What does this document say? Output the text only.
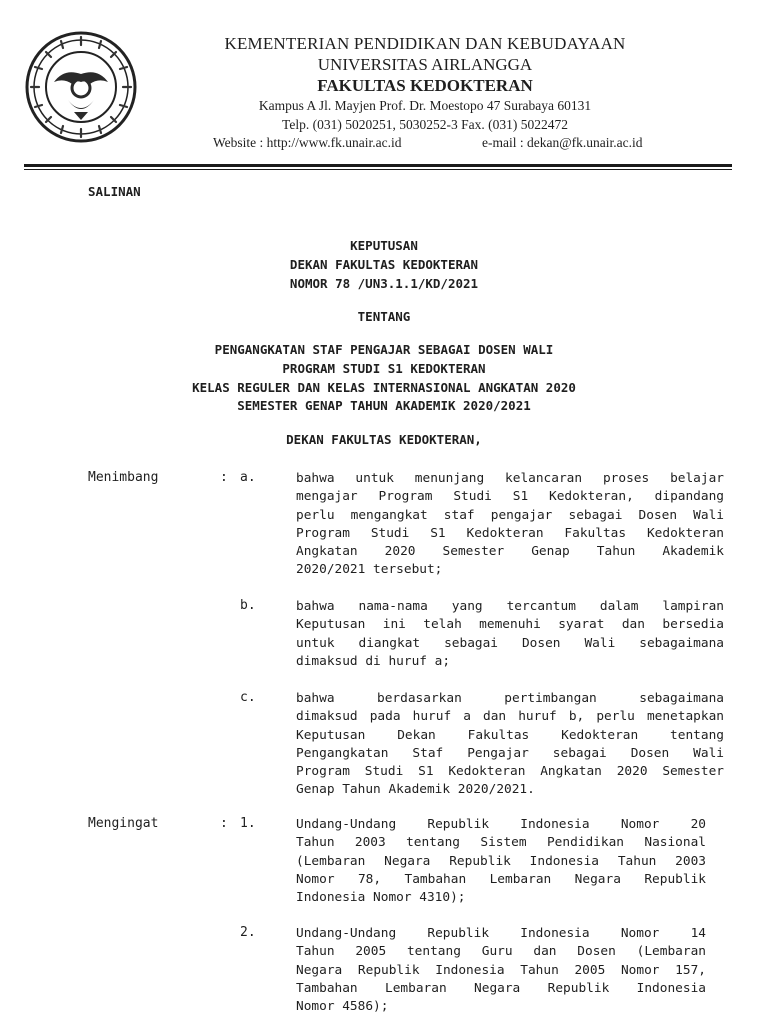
KEMENTERIAN PENDIDIKAN DAN KEBUDAYAAN
UNIVERSITAS AIRLANGGA
FAKULTAS KEDOKTERAN
Kampus A Jl. Mayjen Prof. Dr. Moestopo 47 Surabaya 60131
Telp. (031) 5020251, 5030252-3 Fax. (031) 5022472
Website : http://www.fk.unair.ac.id	e-mail : dekan@fk.unair.ac.id
SALINAN
KEPUTUSAN
DEKAN FAKULTAS KEDOKTERAN
NOMOR 78 /UN3.1.1/KD/2021
TENTANG
PENGANGKATAN STAF PENGAJAR SEBAGAI DOSEN WALI
PROGRAM STUDI S1 KEDOKTERAN
KELAS REGULER DAN KELAS INTERNASIONAL ANGKATAN 2020
SEMESTER GENAP TAHUN AKADEMIK 2020/2021
DEKAN FAKULTAS KEDOKTERAN,
Menimbang	: a.	bahwa untuk menunjang kelancaran proses belajar
mengajar Program Studi S1 Kedokteran, dipandang
perlu mengangkat staf pengajar sebagai Dosen Wali
Program Studi S1 Kedokteran Fakultas Kedokteran
Angkatan 2020 Semester Genap Tahun Akademik
2020/2021 tersebut;
b.	bahwa nama-nama yang tercantum dalam lampiran
Keputusan ini telah memenuhi syarat dan bersedia
untuk diangkat sebagai Dosen Wali sebagaimana
dimaksud di huruf a;
c.	bahwa berdasarkan pertimbangan sebagaimana
dimaksud pada huruf a dan huruf b, perlu menetapkan
Keputusan Dekan Fakultas Kedokteran tentang
Pengangkatan Staf Pengajar sebagai Dosen Wali
Program Studi S1 Kedokteran Angkatan 2020 Semester
Genap Tahun Akademik 2020/2021.
Mengingat	: 1.	Undang-Undang Republik Indonesia Nomor 20
Tahun 2003 tentang Sistem Pendidikan Nasional
(Lembaran Negara Republik Indonesia Tahun 2003
Nomor 78, Tambahan Lembaran Negara Republik
Indonesia Nomor 4310);
2.	Undang-Undang Republik Indonesia Nomor 14
Tahun 2005 tentang Guru dan Dosen (Lembaran
Negara Republik Indonesia Tahun 2005 Nomor 157,
Tambahan Lembaran Negara Republik Indonesia
Nomor 4586);
